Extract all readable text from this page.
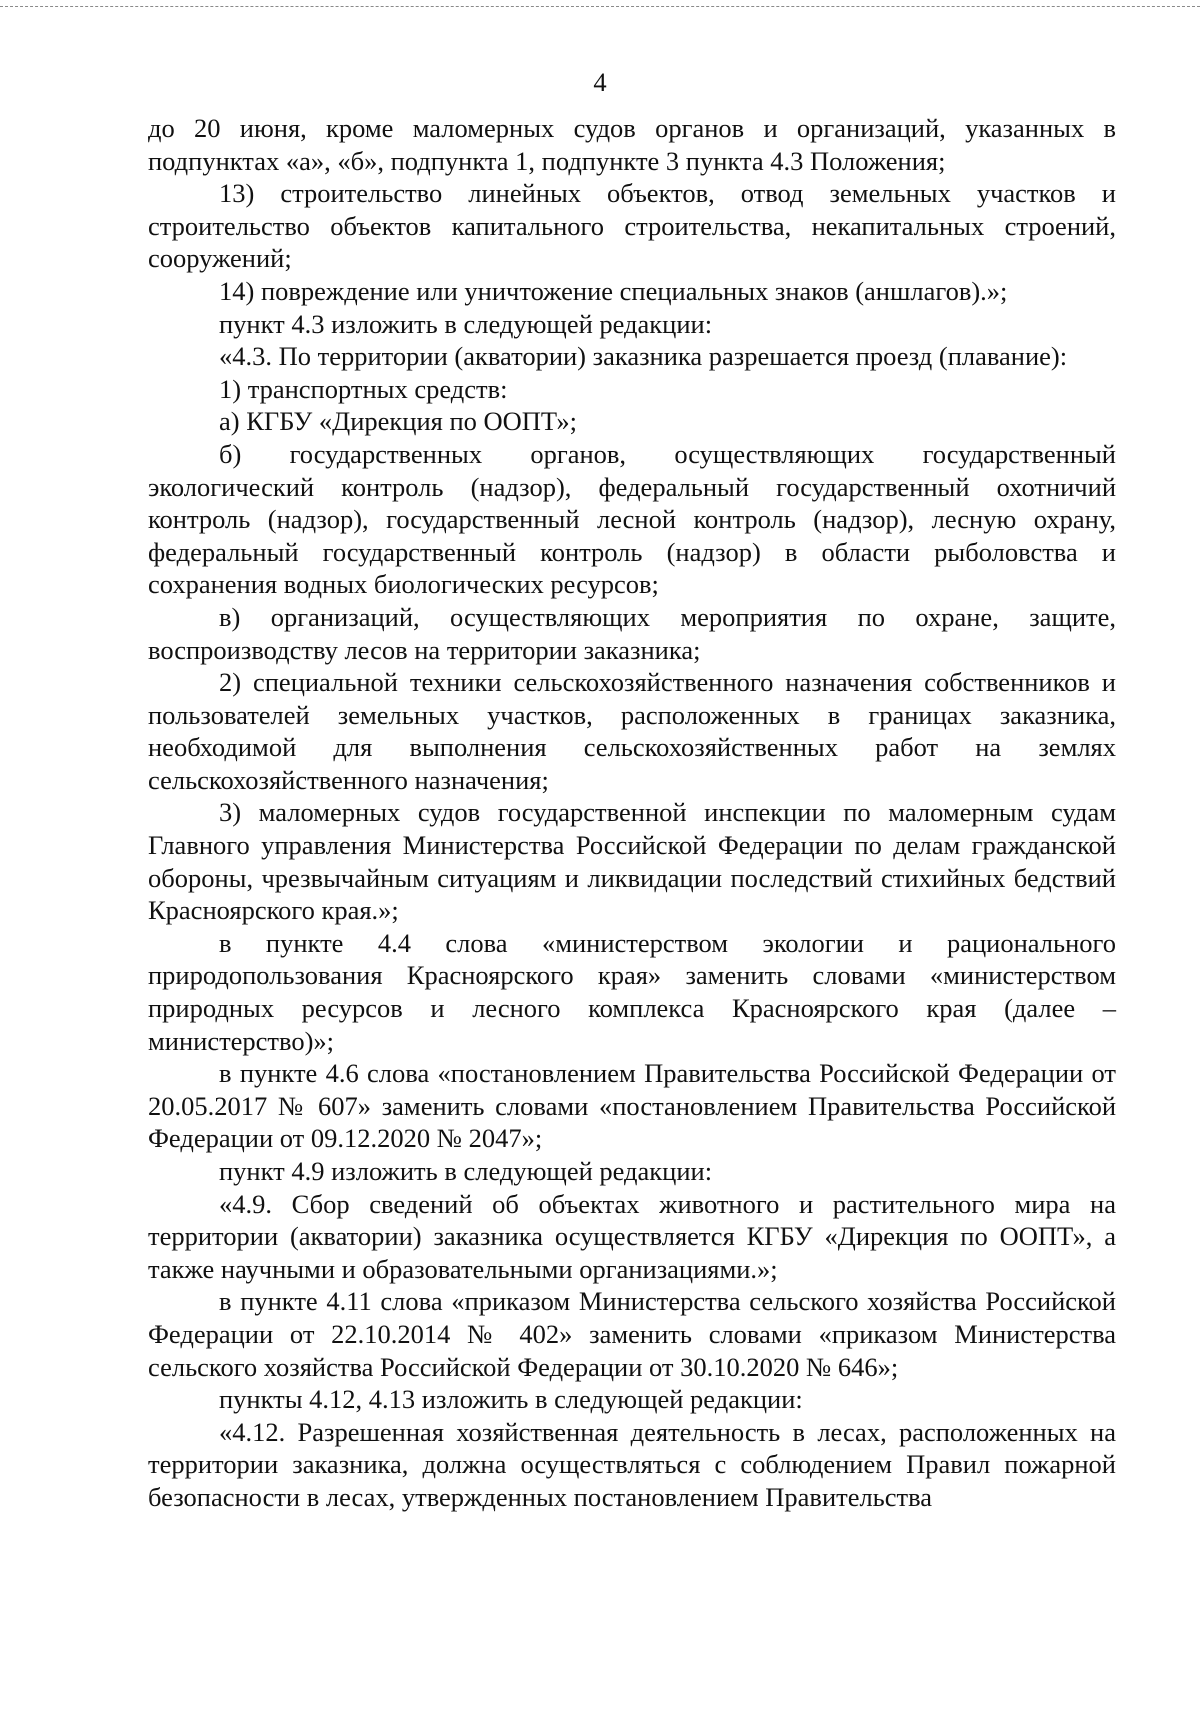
4

до 20 июня, кроме маломерных судов органов и организаций, указанных в подпунктах «а», «б», подпункта 1, подпункте 3 пункта 4.3 Положения;

13) строительство линейных объектов, отвод земельных участков и строительство объектов капитального строительства, некапитальных строений, сооружений;

14) повреждение или уничтожение специальных знаков (аншлагов).»;

пункт 4.3 изложить в следующей редакции:

«4.3. По территории (акватории) заказника разрешается проезд (плавание):

1) транспортных средств:

а) КГБУ «Дирекция по ООПТ»;

б) государственных органов, осуществляющих государственный экологический контроль (надзор), федеральный государственный охотничий контроль (надзор), государственный лесной контроль (надзор), лесную охрану, федеральный государственный контроль (надзор) в области рыболовства и сохранения водных биологических ресурсов;

в) организаций, осуществляющих мероприятия по охране, защите, воспроизводству лесов на территории заказника;

2) специальной техники сельскохозяйственного назначения собственников и пользователей земельных участков, расположенных в границах заказника, необходимой для выполнения сельскохозяйственных работ на землях сельскохозяйственного назначения;

3) маломерных судов государственной инспекции по маломерным судам Главного управления Министерства Российской Федерации по делам гражданской обороны, чрезвычайным ситуациям и ликвидации последствий стихийных бедствий Красноярского края.»;

в пункте 4.4 слова «министерством экологии и рационального природопользования Красноярского края» заменить словами «министерством природных ресурсов и лесного комплекса Красноярского края (далее – министерство)»;

в пункте 4.6 слова «постановлением Правительства Российской Федерации от 20.05.2017 № 607» заменить словами «постановлением Правительства Российской Федерации от 09.12.2020 № 2047»;

пункт 4.9 изложить в следующей редакции:

«4.9. Сбор сведений об объектах животного и растительного мира на территории (акватории) заказника осуществляется КГБУ «Дирекция по ООПТ», а также научными и образовательными организациями.»;

в пункте 4.11 слова «приказом Министерства сельского хозяйства Российской Федерации от 22.10.2014 № 402» заменить словами «приказом Министерства сельского хозяйства Российской Федерации от 30.10.2020 № 646»;

пункты 4.12, 4.13 изложить в следующей редакции:

«4.12. Разрешенная хозяйственная деятельность в лесах, расположенных на территории заказника, должна осуществляться с соблюдением Правил пожарной безопасности в лесах, утвержденных постановлением Правительства
